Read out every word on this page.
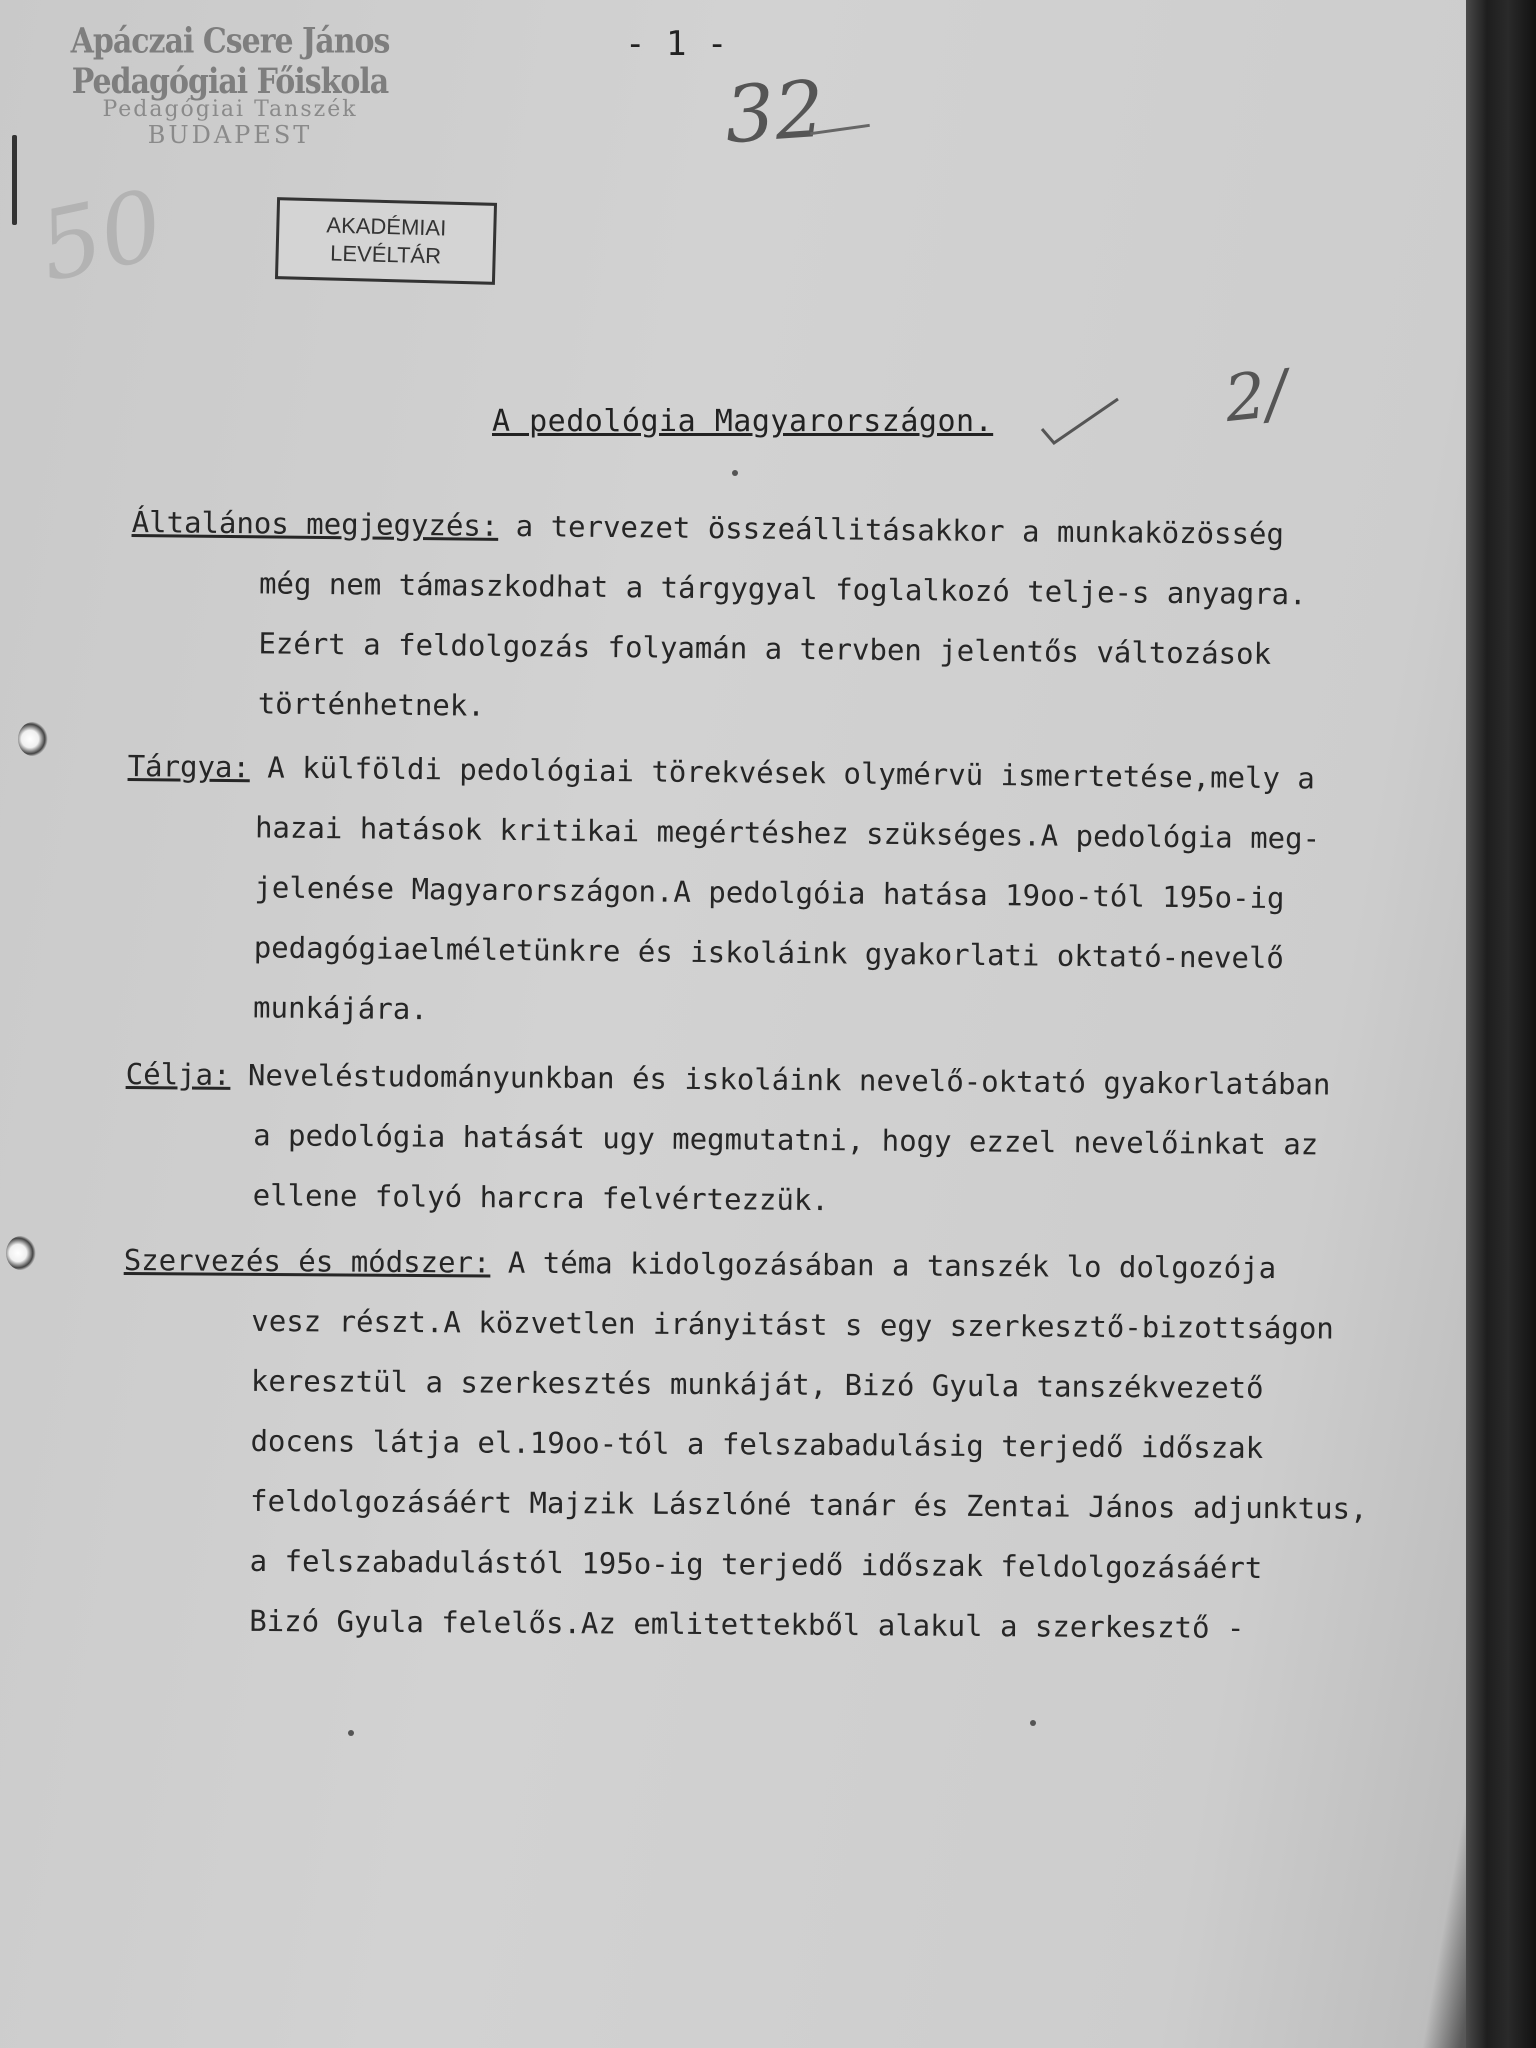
Apáczai Csere János Pedagógiai Főiskola
Pedagógiai Tanszék
BUDAPEST
- 1 -
32
50	AKADÉMIAI
LEVÉLTÁR
A pedológia Magyarországon.	2/
Általános megjegyzés: a tervezet összeállitásakkor a munkaközösség
még nem támaszkodhat a tárgygyal foglalkozó telje-s anyagra.
Ezért a feldolgozás folyamán a tervben jelentős változások
történhetnek.
Tárgya: A külföldi pedológiai törekvések olymérvü ismertetése,mely a
hazai hatások kritikai megértéshez szükséges.A pedológia meg-
jelenése Magyarországon.A pedolgóia hatása 19oo-tól 195o-ig
pedagógiaelméletünkre és iskoláink gyakorlati oktató-nevelő
munkájára.
Célja: Neveléstudományunkban és iskoláink nevelő-oktató gyakorlatában
a pedológia hatását ugy megmutatni, hogy ezzel nevelőinkat az
ellene folyó harcra felvértezzük.
Szervezés és módszer: A téma kidolgozásában a tanszék lo dolgozója
vesz részt.A közvetlen irányitást s egy szerkesztő-bizottságon
keresztül a szerkesztés munkáját, Bizó Gyula tanszékvezető
docens látja el.19oo-tól a felszabadulásig terjedő időszak
feldolgozásáért Majzik Lászlóné tanár és Zentai János adjunktus,
a felszabadulástól 195o-ig terjedő időszak feldolgozásáért
Bizó Gyula felelős.Az emlitettekből alakul a szerkesztő -
